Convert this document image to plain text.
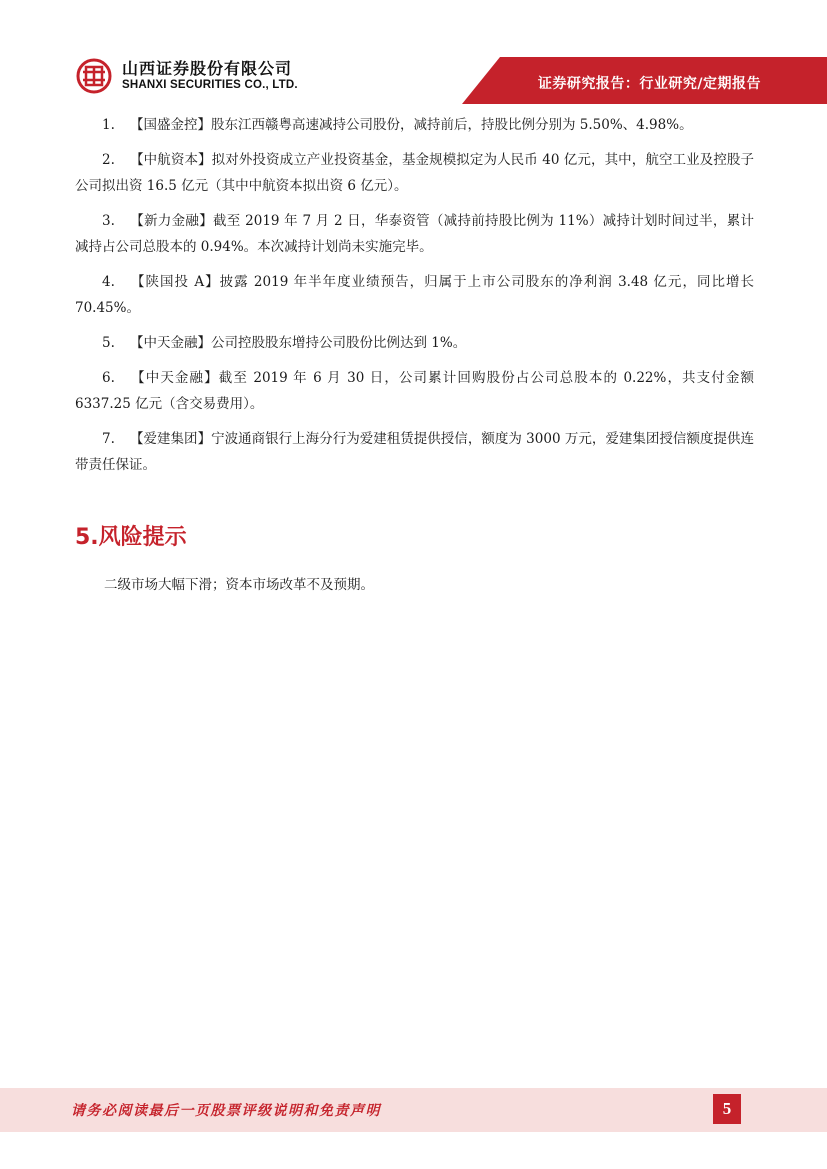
山西证券股份有限公司
SHANXI SECURITIES CO., LTD.	证券研究报告：行业研究/定期报告
1. 【国盛金控】股东江西赣粤高速减持公司股份，减持前后，持股比例分别为 5.50%、4.98%。
2. 【中航资本】拟对外投资成立产业投资基金，基金规模拟定为人民币 40 亿元，其中，航空工业及控股子公司拟出资 16.5 亿元（其中中航资本拟出资 6 亿元）。
3. 【新力金融】截至 2019 年 7 月 2 日，华泰资管（减持前持股比例为 11%）减持计划时间过半，累计减持占公司总股本的 0.94%。本次减持计划尚未实施完毕。
4. 【陕国投 A】披露 2019 年半年度业绩预告，归属于上市公司股东的净利润 3.48 亿元，同比增长 70.45%。
5. 【中天金融】公司控股股东增持公司股份比例达到 1%。
6. 【中天金融】截至 2019 年 6 月 30 日，公司累计回购股份占公司总股本的 0.22%，共支付金额 6337.25 亿元（含交易费用）。
7. 【爱建集团】宁波通商银行上海分行为爱建租赁提供授信，额度为 3000 万元，爱建集团授信额度提供连带责任保证。
5.风险提示
二级市场大幅下滑；资本市场改革不及预期。
请务必阅读最后一页股票评级说明和免责声明	5
